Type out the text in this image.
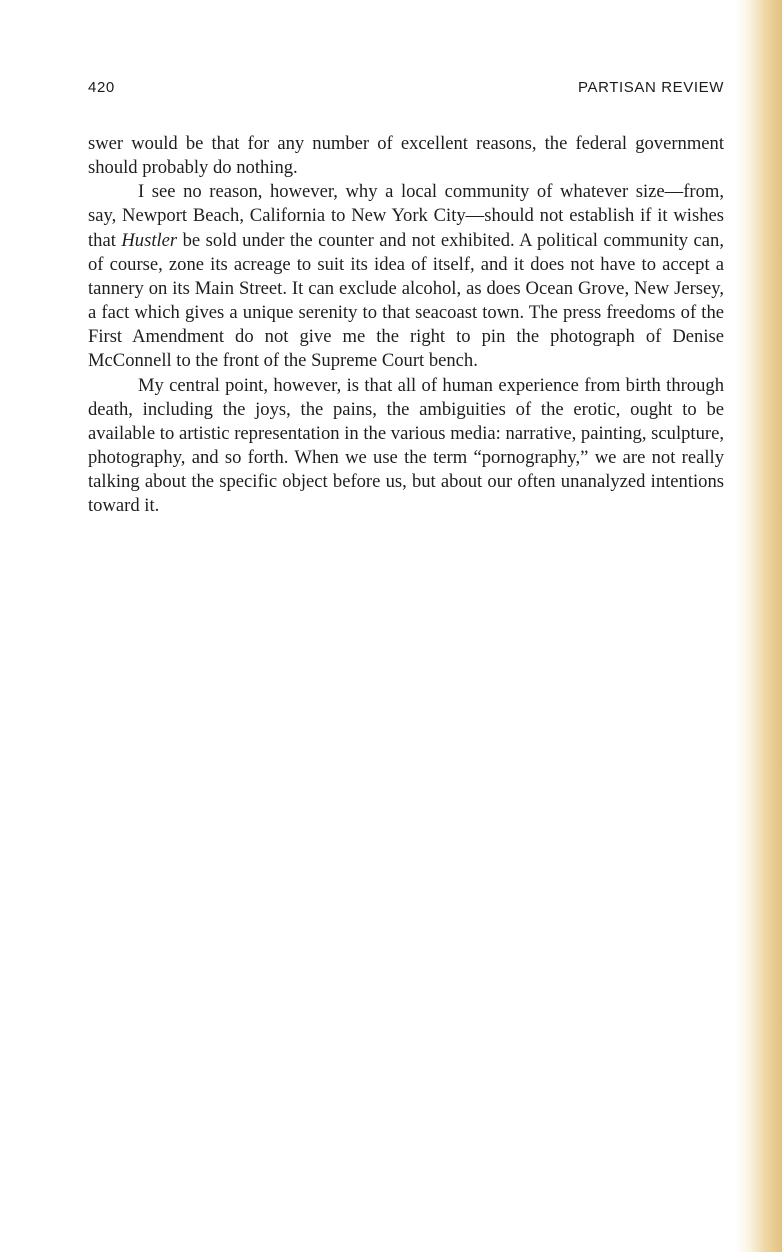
420	PARTISAN REVIEW

swer would be that for any number of excellent reasons, the federal government should probably do nothing.

I see no reason, however, why a local community of whatever size—from, say, Newport Beach, California to New York City—should not establish if it wishes that Hustler be sold under the counter and not exhibited. A political community can, of course, zone its acreage to suit its idea of itself, and it does not have to accept a tannery on its Main Street. It can exclude alcohol, as does Ocean Grove, New Jersey, a fact which gives a unique serenity to that seacoast town. The press freedoms of the First Amendment do not give me the right to pin the photograph of Denise McConnell to the front of the Supreme Court bench.

My central point, however, is that all of human experience from birth through death, including the joys, the pains, the ambiguities of the erotic, ought to be available to artistic representation in the various media: narrative, painting, sculpture, photography, and so forth. When we use the term “pornography,” we are not really talking about the specific object before us, but about our often unanalyzed intentions toward it.
